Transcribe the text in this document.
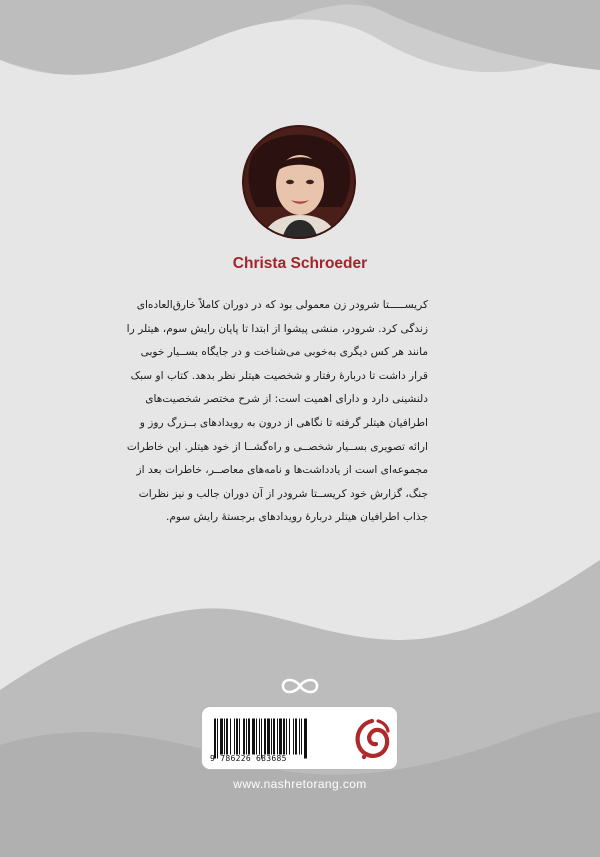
Christa Schroeder
کریســـــتا شرودر زن معمولی بود که در دوران کاملاً خارق‌العاده‌ای
زندگی کرد. شرودر، منشی پیشوا از ابتدا تا پایان رایش سوم، هیتلر را
مانند هر کس دیگری به‌خوبی می‌شناخت و در جایگاه بســیار خوبی
قرار داشت تا دربارهٔ رفتار و شخصیت هیتلر نظر بدهد. کتاب او سبک
دلنشینی دارد و دارای اهمیت است: از شرح مختصر شخصیت‌های
اطرافیان هیتلر گرفته تا نگاهی از درون به رویدادهای بــزرگ روز و
ارائه تصویری بســیار شخصــی و راه‌گشــا از خود هیتلر. این خاطرات
مجموعه‌ای است از یادداشت‌ها و نامه‌های معاصــر، خاطرات بعد از
جنگ، گزارش خود کریســتا شرودر از آن دوران جالب و نیز نظرات
جذاب اطرافیان هیتلر دربارهٔ رویدادهای برجستهٔ رایش سوم.
9 786226 683685
www.nashretorang.com
